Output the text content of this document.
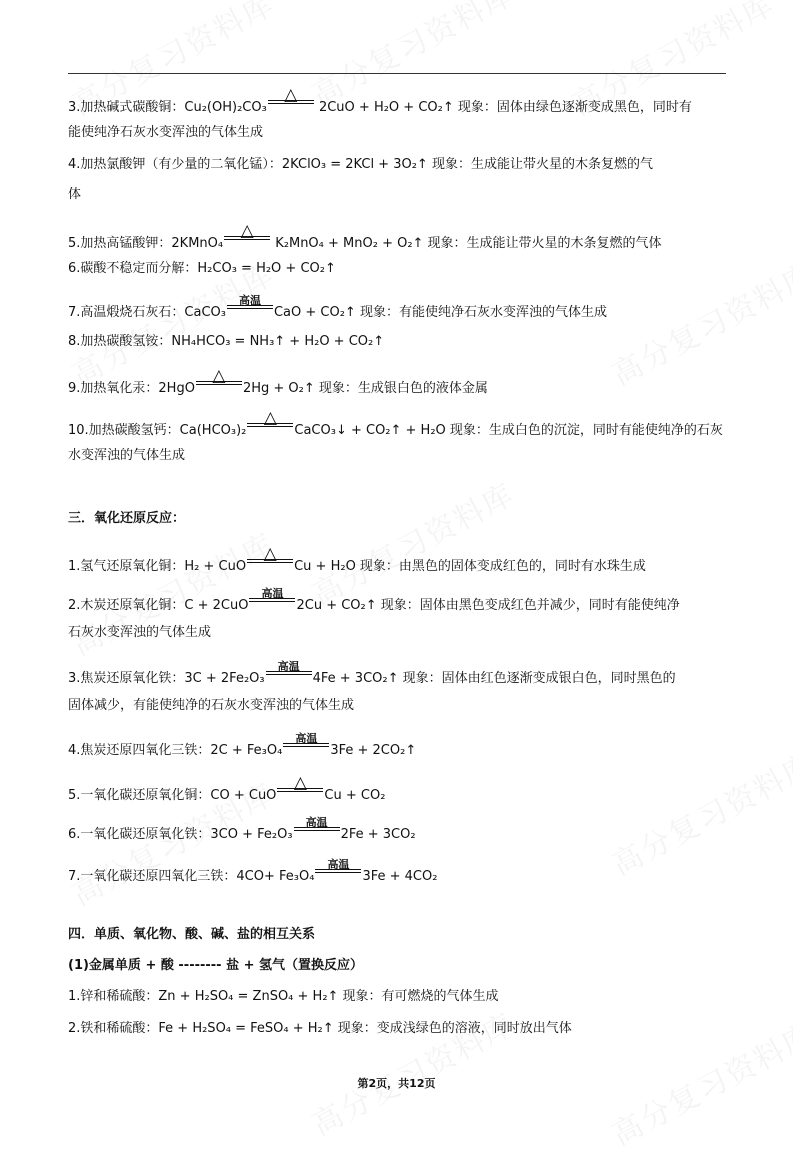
3.加热碱式碳酸铜：Cu₂(OH)₂CO₃
△
2CuO + H₂O + CO₂↑ 现象：固体由绿色逐渐变成黑色，同时有
能使纯净石灰水变浑浊的气体生成
4.加热氯酸钾（有少量的二氧化锰）：2KClO₃ = 2KCl + 3O₂↑ 现象：生成能让带火星的木条复燃的气
体
5.加热高锰酸钾：2KMnO₄
△
K₂MnO₄ + MnO₂ + O₂↑ 现象：生成能让带火星的木条复燃的气体
6.碳酸不稳定而分解：H₂CO₃ = H₂O + CO₂↑
7.高温煅烧石灰石：CaCO₃
高温
CaO + CO₂↑ 现象：有能使纯净石灰水变浑浊的气体生成
8.加热碳酸氢铵：NH₄HCO₃ = NH₃↑ + H₂O + CO₂↑
9.加热氧化汞：2HgO
△
2Hg + O₂↑ 现象：生成银白色的液体金属
10.加热碳酸氢钙：Ca(HCO₃)₂
△
CaCO₃↓ + CO₂↑ + H₂O 现象：生成白色的沉淀，同时有能使纯净的石灰
水变浑浊的气体生成
三．氧化还原反应：
1.氢气还原氧化铜：H₂ + CuO
△
Cu + H₂O 现象：由黑色的固体变成红色的，同时有水珠生成
2.木炭还原氧化铜：C + 2CuO
高温
2Cu + CO₂↑ 现象：固体由黑色变成红色并减少，同时有能使纯净
石灰水变浑浊的气体生成
3.焦炭还原氧化铁：3C + 2Fe₂O₃
高温
4Fe + 3CO₂↑ 现象：固体由红色逐渐变成银白色，同时黑色的
固体减少，有能使纯净的石灰水变浑浊的气体生成
4.焦炭还原四氧化三铁：2C + Fe₃O₄
高温
3Fe + 2CO₂↑
5.一氧化碳还原氧化铜：CO + CuO
△
Cu + CO₂
6.一氧化碳还原氧化铁：3CO + Fe₂O₃
高温
2Fe + 3CO₂
7.一氧化碳还原四氧化三铁：4CO+ Fe₃O₄
高温
3Fe + 4CO₂
四．单质、氧化物、酸、碱、盐的相互关系
(1)金属单质 + 酸 -------- 盐 + 氢气（置换反应）
1.锌和稀硫酸：Zn + H₂SO₄ = ZnSO₄ + H₂↑ 现象：有可燃烧的气体生成
2.铁和稀硫酸：Fe + H₂SO₄ = FeSO₄ + H₂↑ 现象：变成浅绿色的溶液，同时放出气体
第2页，共12页
